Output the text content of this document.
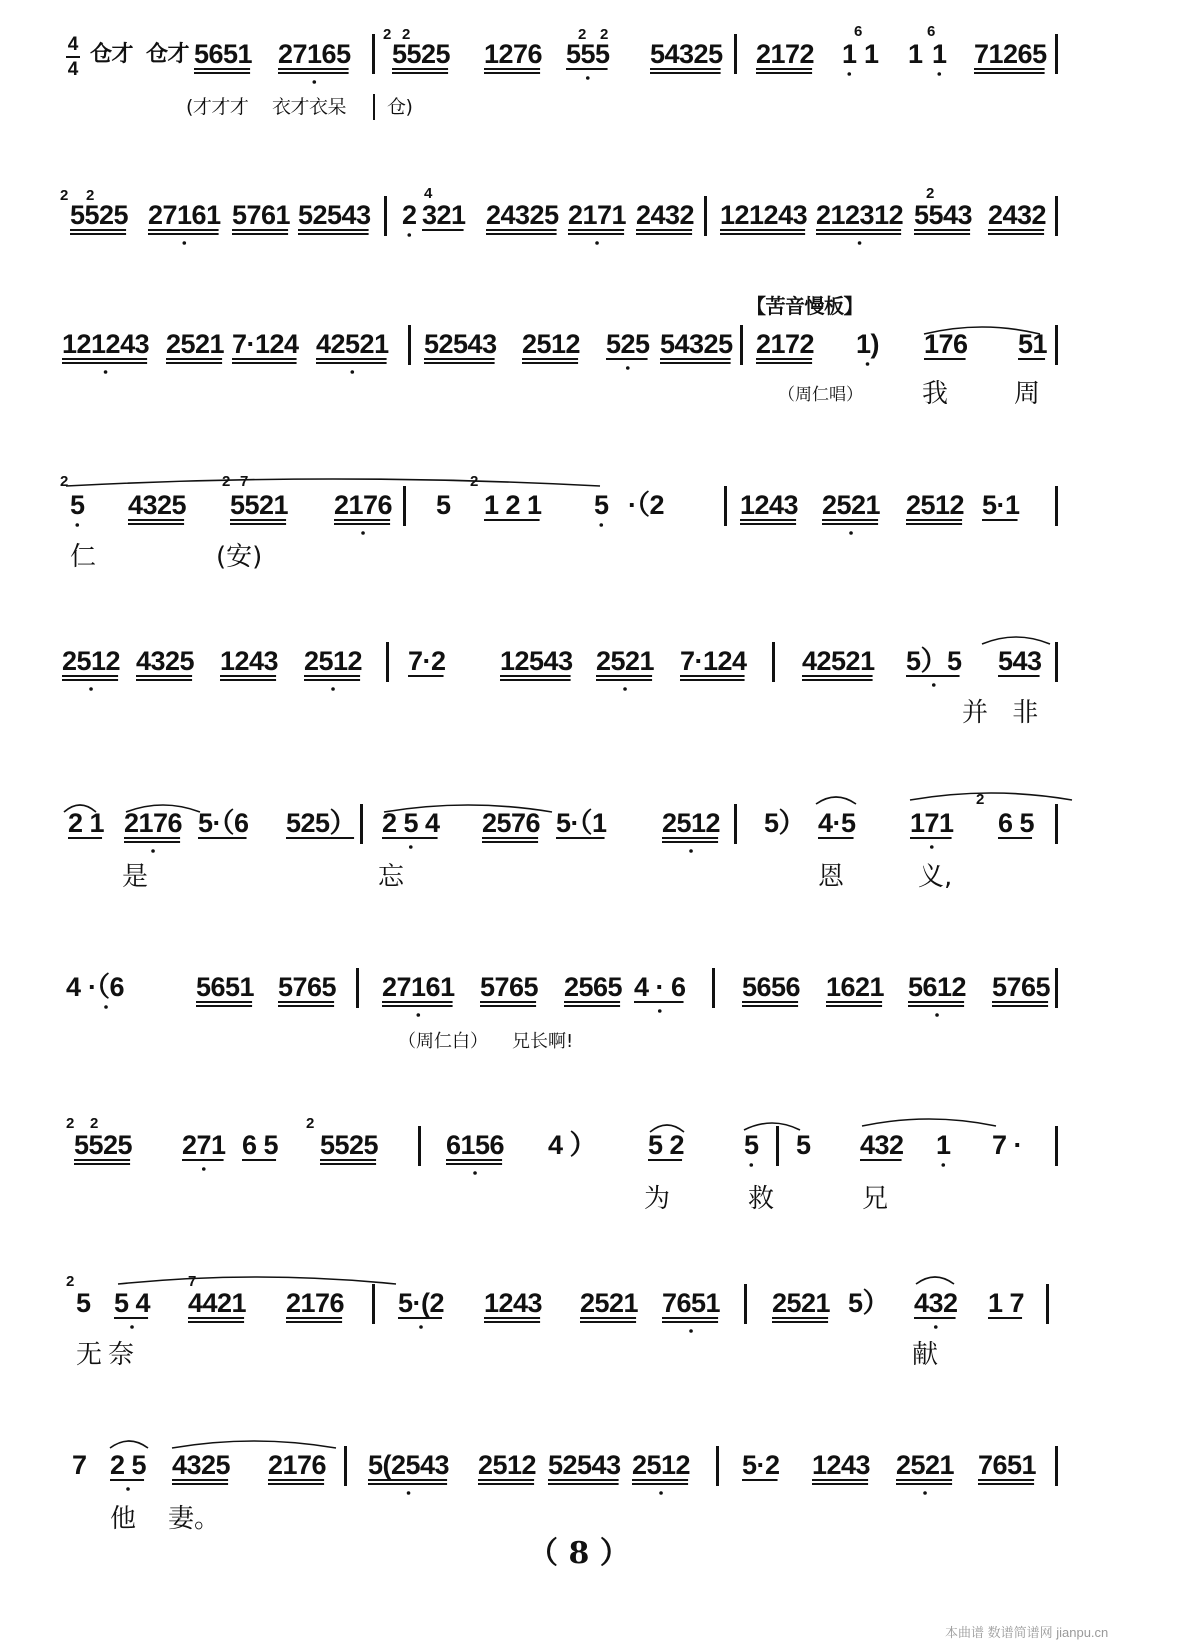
4
4
仓才 仓才 5651 27165 5525 1276 555 54325 2172 1 1 1 1 71265
(才才才 衣才衣呆 仓)
5525 27161 5761 52543 2 321 24325 2171 2432 121243 212312 5543 2432
【苦音慢板】
121243 2521 7·124 42521 52543 2512 525 54325 2172 1) 176 51
（周仁唱） 我	周
5 4325 5521 2176 5 1 2 1 5 ·（2	1243 2521 2512 5·1
仁	(安)
2512 4325 1243 2512 7·2 12543 2521 7·124 42521 5）5 543
并 非
2 1 2176 5·（6 525） 2 5 4 2576 5·（1 2512 5） 4·5 171 6 5
是	忘	恩	义,
4 ·（6	5651 5765 27161 5765 2565 4 · 6 5656 1621 5612 5765
（周仁白） 兄长啊!
5525 271 6 5 5525	6156 4 ） 5 2 5 5 432 1 7 ·
为	救	兄
5 5 4 4421 2176 5·(2 1243 2521 7651 2521 5） 432 1 7
无奈	献
7 2 5 4325 2176 5(2543 2512 52543 2512 5·2 1243 2521 7651
他 妻。
2 2	2 2	6	6
2 2	4	2
2	2 7	2
2
2 2	2
2	7
（ 8 ）
本曲谱 数谱简谱网 jianpu.cn
